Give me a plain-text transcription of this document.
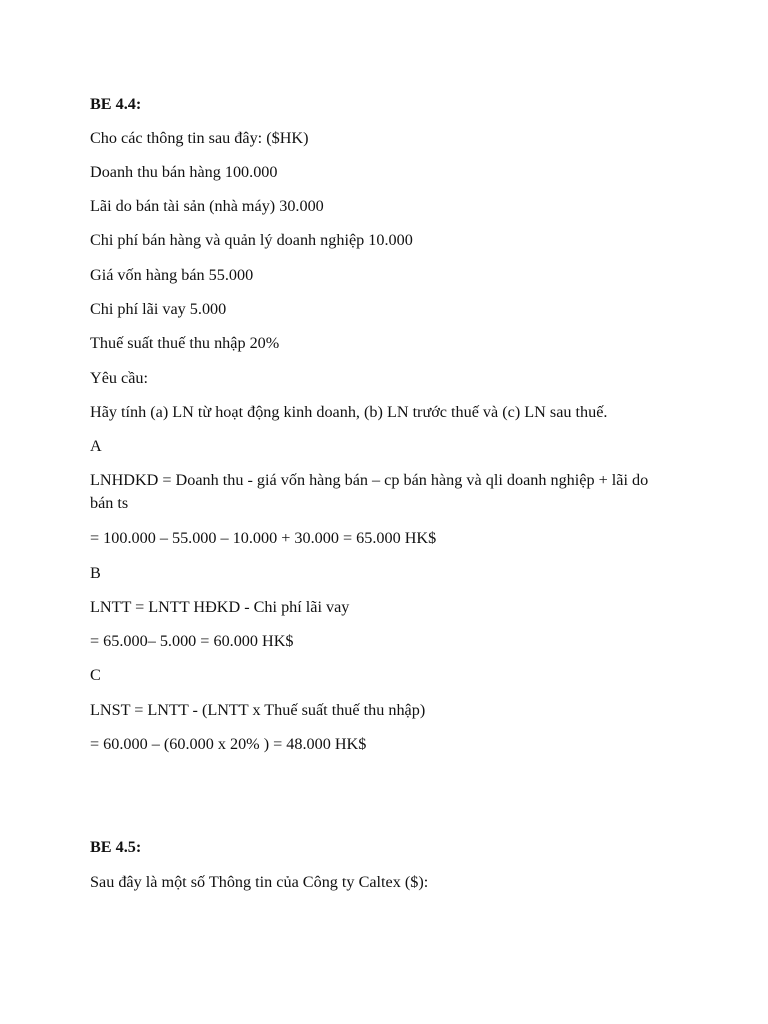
BE 4.4:
Cho các thông tin sau đây: ($HK)
Doanh thu bán hàng 100.000
Lãi do bán tài sản (nhà máy) 30.000
Chi phí bán hàng và quản lý doanh nghiệp 10.000
Giá vốn hàng bán 55.000
Chi phí lãi vay 5.000
Thuế suất thuế thu nhập 20%
Yêu cầu:
Hãy tính (a) LN từ hoạt động kinh doanh, (b) LN trước thuế và (c) LN sau thuế.
A
LNHDKD = Doanh thu - giá vốn hàng bán – cp bán hàng và qli doanh nghiệp + lãi do bán ts
= 100.000 – 55.000 – 10.000 + 30.000 = 65.000 HK$
B
LNTT = LNTT HĐKD - Chi phí lãi vay
= 65.000– 5.000 = 60.000 HK$
C
LNST = LNTT - (LNTT x Thuế suất thuế thu nhập)
= 60.000 – (60.000 x 20% ) = 48.000 HK$
BE 4.5:
Sau đây là một số Thông tin của Công ty Caltex ($):
